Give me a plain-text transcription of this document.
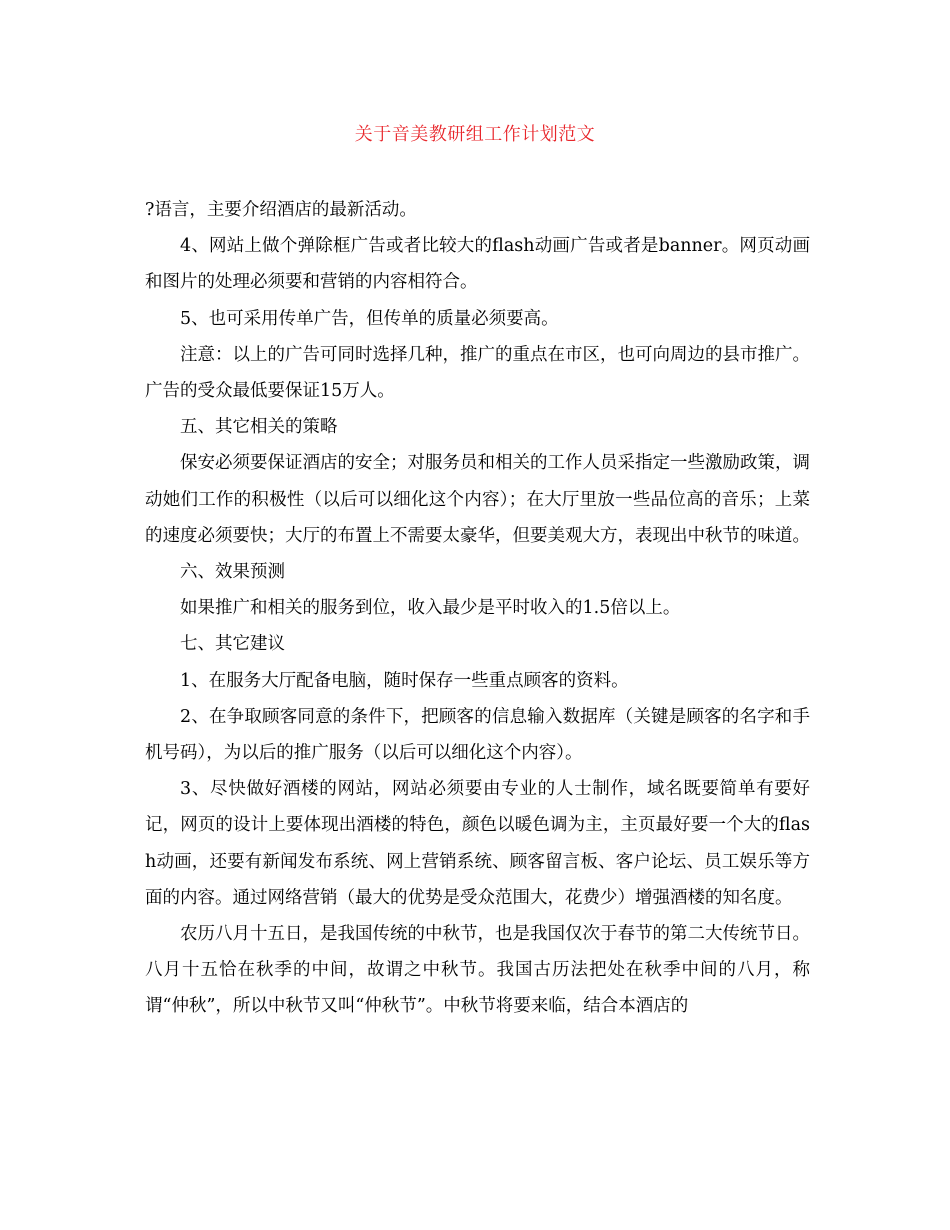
关于音美教研组工作计划范文

?语言，主要介绍酒店的最新活动。

4、网站上做个弹除框广告或者比较大的flash动画广告或者是banner。网页动画和图片的处理必须要和营销的内容相符合。

5、也可采用传单广告，但传单的质量必须要高。

注意：以上的广告可同时选择几种，推广的重点在市区，也可向周边的县市推广。广告的受众最低要保证15万人。

五、其它相关的策略

保安必须要保证酒店的安全；对服务员和相关的工作人员采指定一些激励政策，调动她们工作的积极性（以后可以细化这个内容）；在大厅里放一些品位高的音乐；上菜的速度必须要快；大厅的布置上不需要太豪华，但要美观大方，表现出中秋节的味道。

六、效果预测

如果推广和相关的服务到位，收入最少是平时收入的1.5倍以上。

七、其它建议

1、在服务大厅配备电脑，随时保存一些重点顾客的资料。

2、在争取顾客同意的条件下，把顾客的信息输入数据库（关键是顾客的名字和手机号码），为以后的推广服务（以后可以细化这个内容）。

3、尽快做好酒楼的网站，网站必须要由专业的人士制作，域名既要简单有要好记，网页的设计上要体现出酒楼的特色，颜色以暖色调为主，主页最好要一个大的flash动画，还要有新闻发布系统、网上营销系统、顾客留言板、客户论坛、员工娱乐等方面的内容。通过网络营销（最大的优势是受众范围大，花费少）增强酒楼的知名度。

农历八月十五日，是我国传统的中秋节，也是我国仅次于春节的第二大传统节日。八月十五恰在秋季的中间，故谓之中秋节。我国古历法把处在秋季中间的八月，称谓“仲秋”，所以中秋节又叫“仲秋节”。中秋节将要来临，结合本酒店的
